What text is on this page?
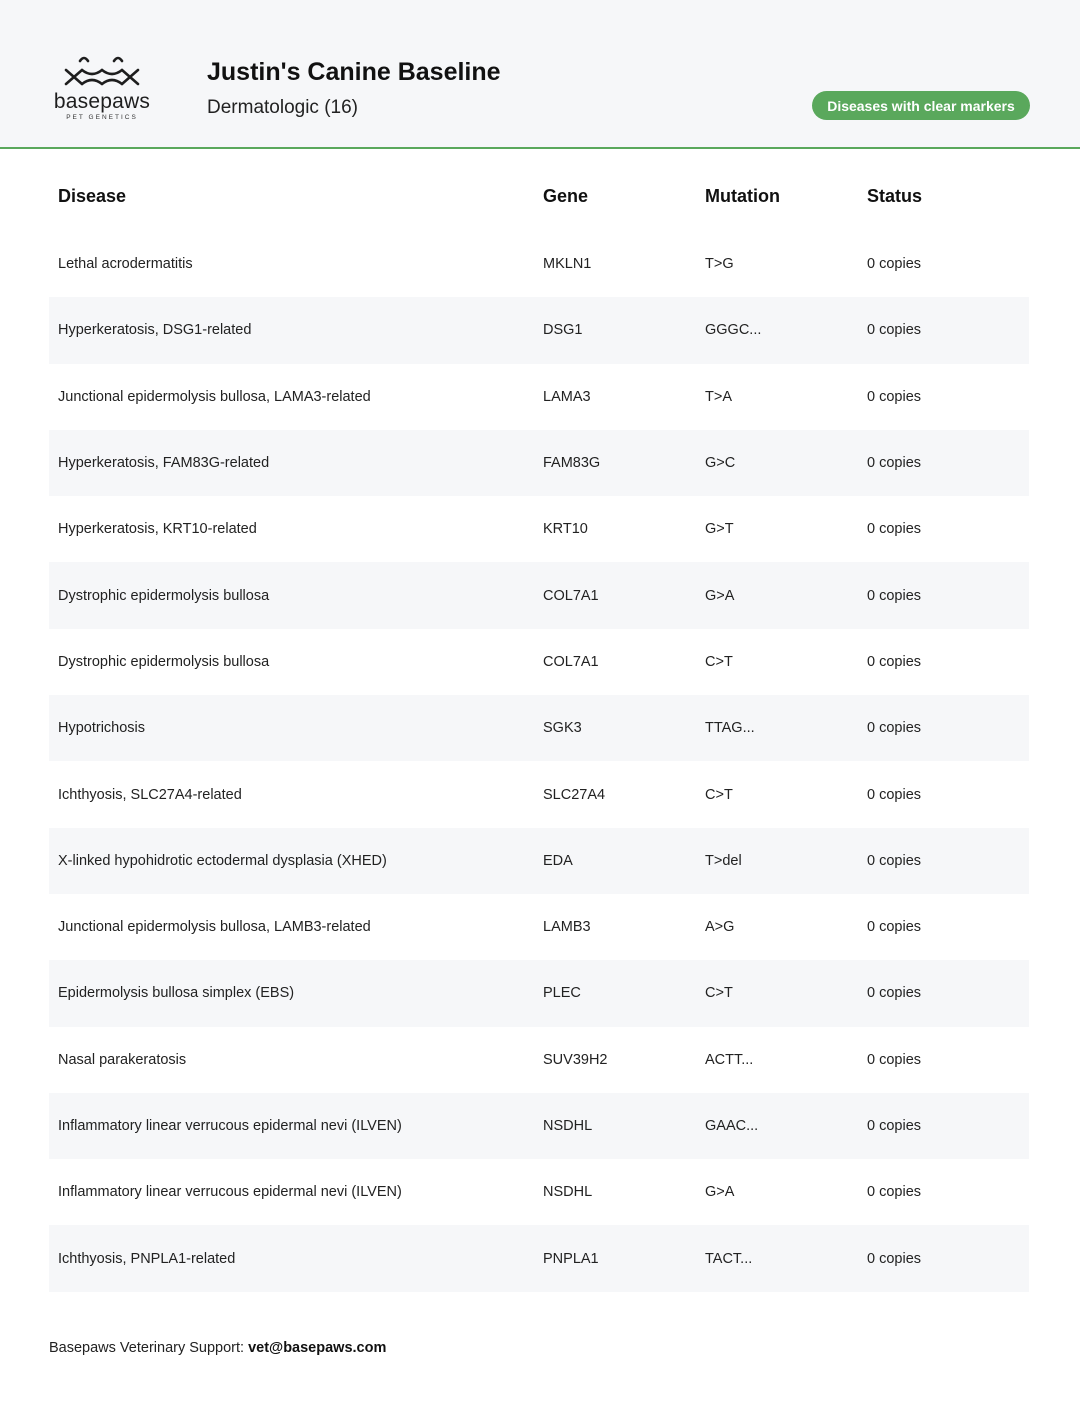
basepaws
PET GENETICS
Justin's Canine Baseline
Dermatologic (16)	Diseases with clear markers
Disease	Gene	Mutation	Status
Lethal acrodermatitis	MKLN1	T>G	0 copies
Hyperkeratosis, DSG1-related	DSG1	GGGC...	0 copies
Junctional epidermolysis bullosa, LAMA3-related	LAMA3	T>A	0 copies
Hyperkeratosis, FAM83G-related	FAM83G	G>C	0 copies
Hyperkeratosis, KRT10-related	KRT10	G>T	0 copies
Dystrophic epidermolysis bullosa	COL7A1	G>A	0 copies
Dystrophic epidermolysis bullosa	COL7A1	C>T	0 copies
Hypotrichosis	SGK3	TTAG...	0 copies
Ichthyosis, SLC27A4-related	SLC27A4	C>T	0 copies
X-linked hypohidrotic ectodermal dysplasia (XHED)	EDA	T>del	0 copies
Junctional epidermolysis bullosa, LAMB3-related	LAMB3	A>G	0 copies
Epidermolysis bullosa simplex (EBS)	PLEC	C>T	0 copies
Nasal parakeratosis	SUV39H2	ACTT...	0 copies
Inflammatory linear verrucous epidermal nevi (ILVEN)	NSDHL	GAAC...	0 copies
Inflammatory linear verrucous epidermal nevi (ILVEN)	NSDHL	G>A	0 copies
Ichthyosis, PNPLA1-related	PNPLA1	TACT...	0 copies
Basepaws Veterinary Support: vet@basepaws.com
